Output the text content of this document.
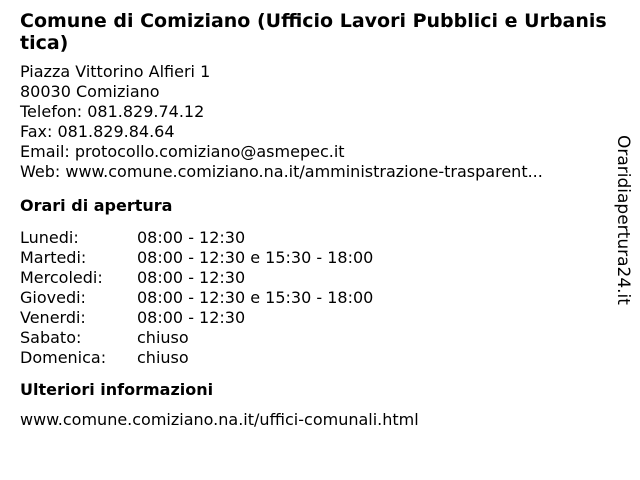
Comune di Comiziano (Ufficio Lavori Pubblici e Urbanistica)
Piazza Vittorino Alfieri 1
80030 Comiziano
Telefon: 081.829.74.12
Fax: 081.829.84.64
Email: protocollo.comiziano@asmepec.it
Web: www.comune.comiziano.na.it/amministrazione-trasparent...
Orari di apertura
Lunedi:	08:00 - 12:30
Martedi:	08:00 - 12:30 e 15:30 - 18:00
Mercoledi:	08:00 - 12:30
Giovedi:	08:00 - 12:30 e 15:30 - 18:00
Venerdi:	08:00 - 12:30
Sabato:	chiuso
Domenica:	chiuso
Ulteriori informazioni
www.comune.comiziano.na.it/uffici-comunali.html
Oraridiapertura24.it
